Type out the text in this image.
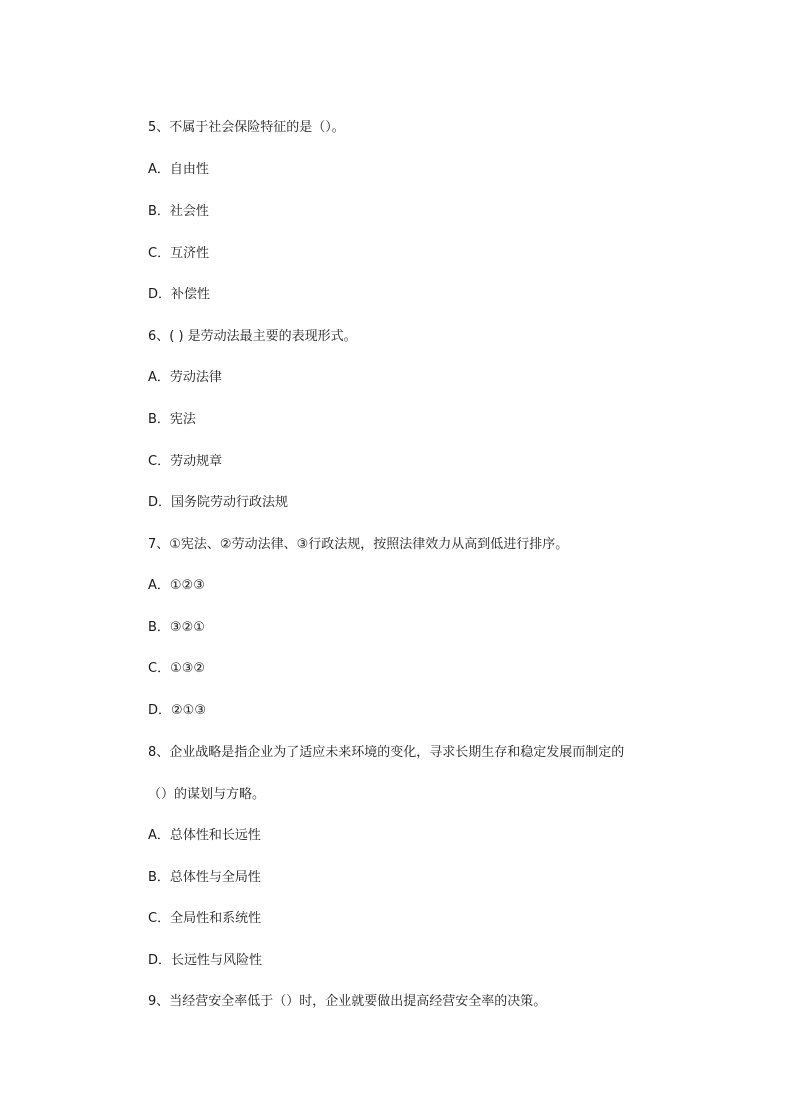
5、不属于社会保险特征的是（）。
A．自由性
B．社会性
C．互济性
D．补偿性
6、( ) 是劳动法最主要的表现形式。
A．劳动法律
B．宪法
C．劳动规章
D．国务院劳动行政法规
7、①宪法、②劳动法律、③行政法规，按照法律效力从高到低进行排序。
A．①②③
B．③②①
C．①③②
D．②①③
8、企业战略是指企业为了适应未来环境的变化，寻求长期生存和稳定发展而制定的
（）的谋划与方略。
A．总体性和长远性
B．总体性与全局性
C．全局性和系统性
D．长远性与风险性
9、当经营安全率低于（）时，企业就要做出提高经营安全率的决策。
